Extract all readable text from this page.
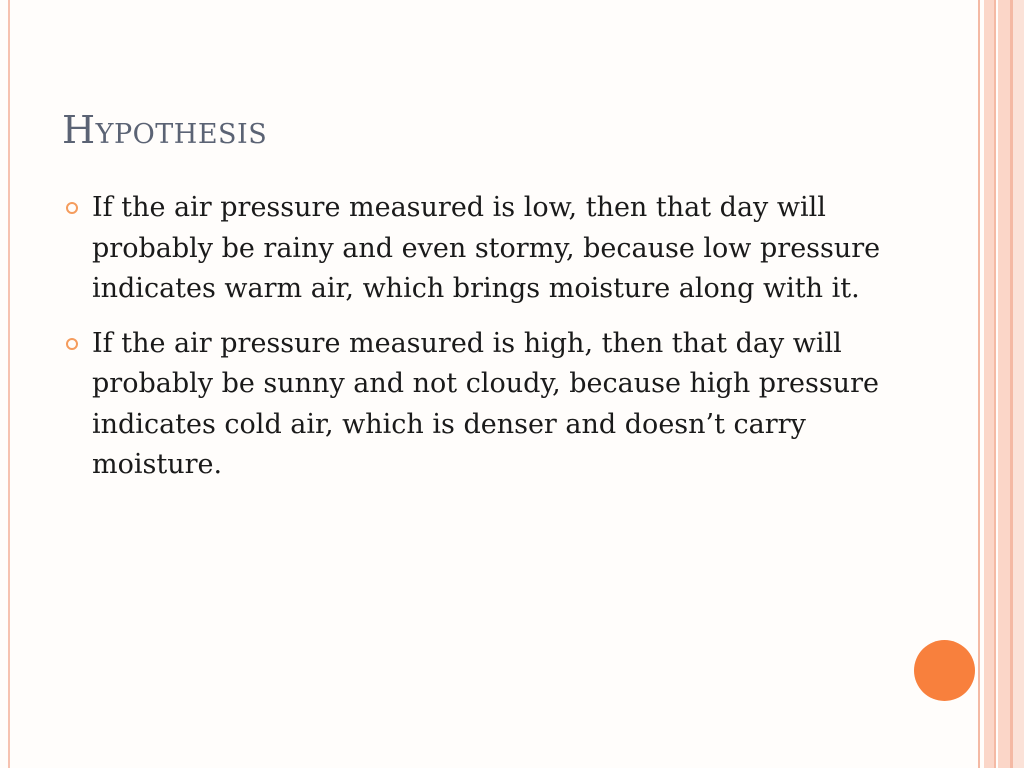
Hypothesis
If the air pressure measured is low, then that day will probably be rainy and even stormy, because low pressure indicates warm air, which brings moisture along with it.
If the air pressure measured is high, then that day will probably be sunny and not cloudy, because high pressure indicates cold air, which is denser and doesn’t carry moisture.
